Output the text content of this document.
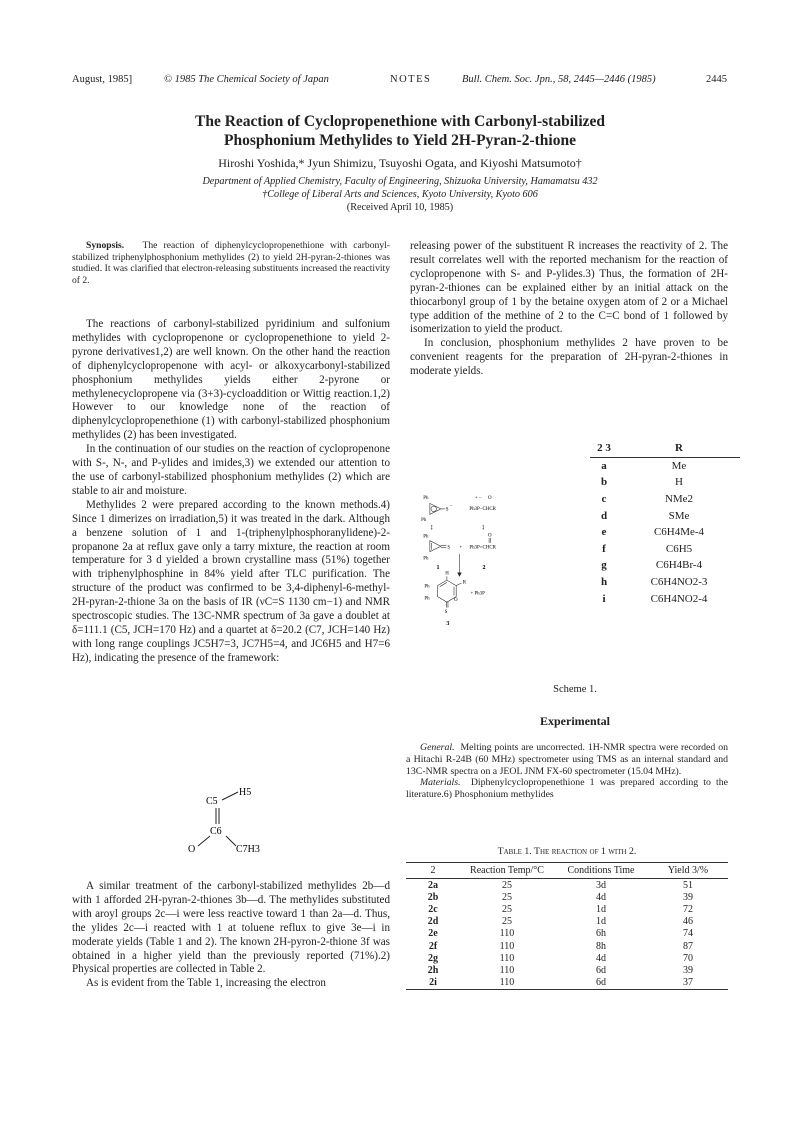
August, 1985]	© 1985 The Chemical Society of Japan	NOTES	Bull. Chem. Soc. Jpn., 58, 2445—2446 (1985)	2445
The Reaction of Cyclopropenethione with Carbonyl-stabilized
Phosphonium Methylides to Yield 2H-Pyran-2-thione
Hiroshi Yoshida,* Jyun Shimizu, Tsuyoshi Ogata, and Kiyoshi Matsumoto†
Department of Applied Chemistry, Faculty of Engineering, Shizuoka University, Hamamatsu 432
†College of Liberal Arts and Sciences, Kyoto University, Kyoto 606
(Received April 10, 1985)

Synopsis. The reaction of diphenylcyclopropenethione with carbonyl-stabilized triphenylphosphonium methylides (2) to yield 2H-pyran-2-thiones was studied. It was clarified that electron-releasing substituents increased the reactivity of 2.

The reactions of carbonyl-stabilized pyridinium and sulfonium methylides with cyclopropenone or cyclopropenethione to yield 2-pyrone derivatives1,2) are well known. On the other hand the reaction of diphenylcyclopropenone with acyl- or alkoxycarbonyl-stabilized phosphonium methylides yields either 2-pyrone or methylenecyclopropene via (3+3)-cycloaddition or Wittig reaction.1,2) However to our knowledge none of the reaction of diphenylcyclopropenethione (1) with carbonyl-stabilized phosphonium methylides (2) has been investigated.

In the continuation of our studies on the reaction of cyclopropenone with S-, N-, and P-ylides and imides,3) we extended our attention to the use of carbonyl-stabilized phosphonium methylides (2) which are stable to air and moisture.

Methylides 2 were prepared according to the known methods.4) Since 1 dimerizes on irradiation,5) it was treated in the dark. Although a benzene solution of 1 and 1-(triphenylphosphoranylidene)-2-propanone 2a at reflux gave only a tarry mixture, the reaction at room temperature for 3 d yielded a brown crystalline mass (51%) together with triphenylphosphine in 84% yield after TLC purification. The structure of the product was confirmed to be 3,4-diphenyl-6-methyl-2H-pyran-2-thione 3a on the basis of IR (νC=S 1130 cm−1) and NMR spectroscopic studies. The 13C-NMR spectrum of 3a gave a doublet at δ=111.1 (C5, JCH=170 Hz) and a quartet at δ=20.2 (C7, JCH=140 Hz) with long range couplings JC5H7=3, JC7H5=4, and JC6H5 and H7=6 Hz), indicating the presence of the framework:

C5
H5
C6
O	C7H3

A similar treatment of the carbonyl-stabilized methylides 2b—d with 1 afforded 2H-pyran-2-thiones 3b—d. The methylides substituted with aroyl groups 2c—i were less reactive toward 1 than 2a—d. Thus, the ylides 2c—i reacted with 1 at toluene reflux to give 3e—i in moderate yields (Table 1 and 2). The known 2H-pyron-2-thione 3f was obtained in a higher yield than the previously reported (71%).2) Physical properties are collected in Table 2.

As is evident from the Table 1, increasing the electron

releasing power of the substituent R increases the reactivity of 2. The result correlates well with the reported mechanism for the reaction of cyclopropenone with S- and P-ylides.3) Thus, the formation of 2H-pyran-2-thiones can be explained either by an initial attack on the thiocarbonyl group of 1 by the betaine oxygen atom of 2 or a Michael type addition of the methine of 2 to the C=C bond of 1 followed by isomerization to yield the product.

In conclusion, phosphonium methylides 2 have proven to be convenient reagents for the preparation of 2H-pyran-2-thiones in moderate yields.

Ph
S
−
Ph
↕	↕
Ph
S
Ph
+
+ − O
Ph3P−CHCR
O
Ph3P=CHCR
1	2
H
Ph
Ph
R
O
S
+ Ph3P
3
2 3	R
a	Me
b	H
c	NMe2
d	SMe
e	C6H4Me-4
f	C6H5
g	C6H4Br-4
h	C6H4NO2-3
i	C6H4NO2-4
Scheme 1.
Experimental

General. Melting points are uncorrected. 1H-NMR spectra were recorded on a Hitachi R-24B (60 MHz) spectrometer using TMS as an internal standard and 13C-NMR spectra on a JEOL JNM FX-60 spectrometer (15.04 MHz).

Materials. Diphenylcyclopropenethione 1 was prepared according to the literature.6) Phosphonium methylides

Table 1. The reaction of 1 with 2.
2	Reaction Temp/°C	Conditions Time	Yield 3/%
2a	25	3d	51
2b	25	4d	39
2c	25	1d	72
2d	25	1d	46
2e	110	6h	74
2f	110	8h	87
2g	110	4d	70
2h	110	6d	39
2i	110	6d	37
